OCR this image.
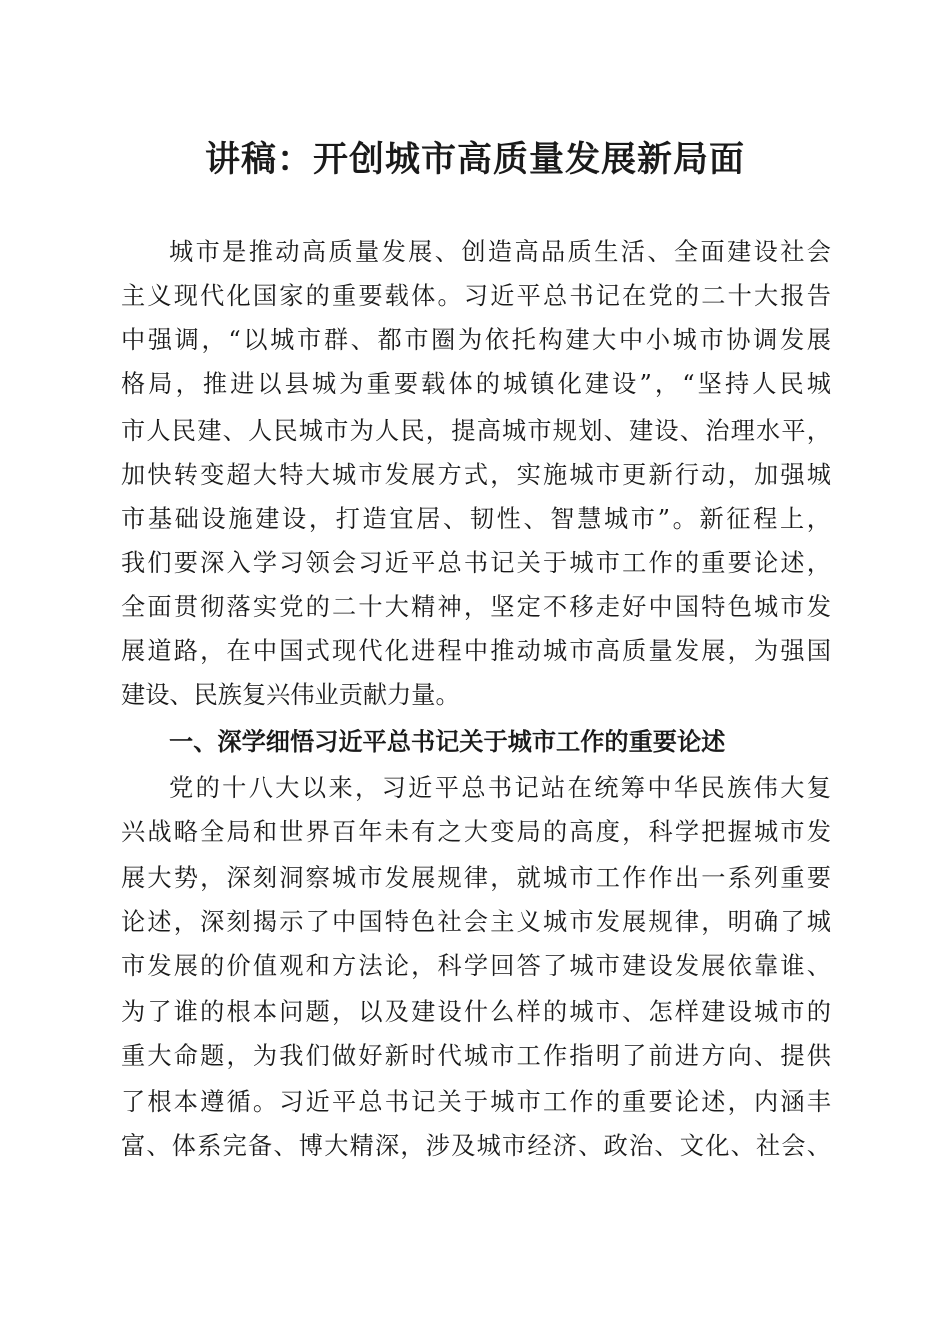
讲稿：开创城市高质量发展新局面

城市是推动高质量发展、创造高品质生活、全面建设社会

主义现代化国家的重要载体。习近平总书记在党的二十大报告

中强调，“以城市群、都市圈为依托构建大中小城市协调发展

格局，推进以县城为重要载体的城镇化建设”，“坚持人民城

市人民建、人民城市为人民，提高城市规划、建设、治理水平，

加快转变超大特大城市发展方式，实施城市更新行动，加强城

市基础设施建设，打造宜居、韧性、智慧城市”。新征程上，

我们要深入学习领会习近平总书记关于城市工作的重要论述，

全面贯彻落实党的二十大精神，坚定不移走好中国特色城市发

展道路，在中国式现代化进程中推动城市高质量发展，为强国

建设、民族复兴伟业贡献力量。

一、深学细悟习近平总书记关于城市工作的重要论述

党的十八大以来，习近平总书记站在统筹中华民族伟大复

兴战略全局和世界百年未有之大变局的高度，科学把握城市发

展大势，深刻洞察城市发展规律，就城市工作作出一系列重要

论述，深刻揭示了中国特色社会主义城市发展规律，明确了城

市发展的价值观和方法论，科学回答了城市建设发展依靠谁、

为了谁的根本问题，以及建设什么样的城市、怎样建设城市的

重大命题，为我们做好新时代城市工作指明了前进方向、提供

了根本遵循。习近平总书记关于城市工作的重要论述，内涵丰

富、体系完备、博大精深，涉及城市经济、政治、文化、社会、
